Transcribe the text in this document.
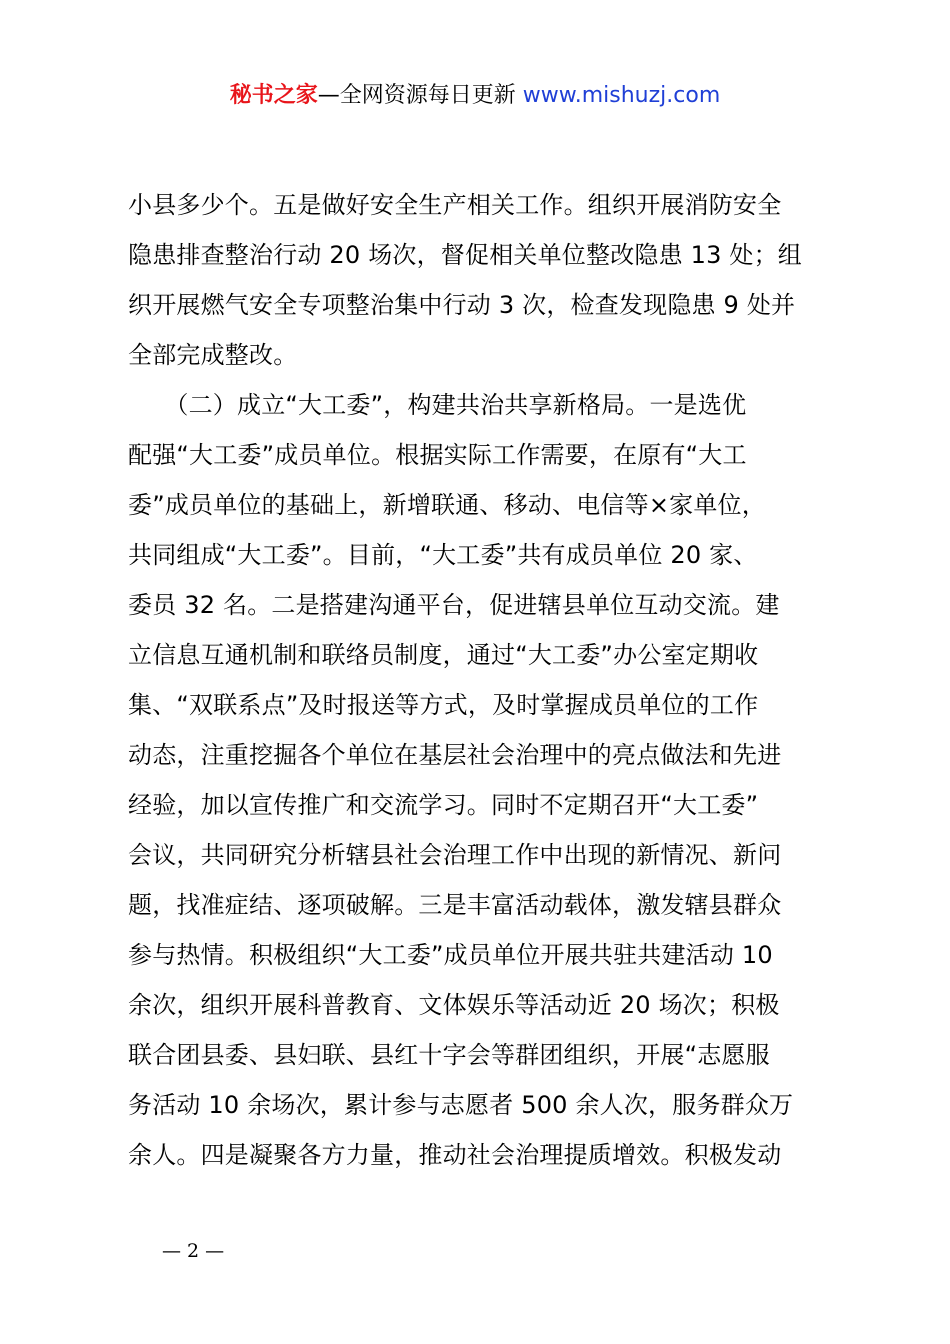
秘书之家—全网资源每日更新 www.mishuzj.com
小县多少个。五是做好安全生产相关工作。组织开展消防安全
隐患排查整治行动 20 场次，督促相关单位整改隐患 13 处；组
织开展燃气安全专项整治集中行动 3 次，检查发现隐患 9 处并
全部完成整改。
　　（二）成立“大工委”，构建共治共享新格局。一是选优
配强“大工委”成员单位。根据实际工作需要，在原有“大工
委”成员单位的基础上，新增联通、移动、电信等×家单位，
共同组成“大工委”。目前，“大工委”共有成员单位 20 家、
委员 32 名。二是搭建沟通平台，促进辖县单位互动交流。建
立信息互通机制和联络员制度，通过“大工委”办公室定期收
集、“双联系点”及时报送等方式，及时掌握成员单位的工作
动态，注重挖掘各个单位在基层社会治理中的亮点做法和先进
经验，加以宣传推广和交流学习。同时不定期召开“大工委”
会议，共同研究分析辖县社会治理工作中出现的新情况、新问
题，找准症结、逐项破解。三是丰富活动载体，激发辖县群众
参与热情。积极组织“大工委”成员单位开展共驻共建活动 10
余次，组织开展科普教育、文体娱乐等活动近 20 场次；积极
联合团县委、县妇联、县红十字会等群团组织，开展“志愿服
务活动 10 余场次，累计参与志愿者 500 余人次，服务群众万
余人。四是凝聚各方力量，推动社会治理提质增效。积极发动
— 2 —
